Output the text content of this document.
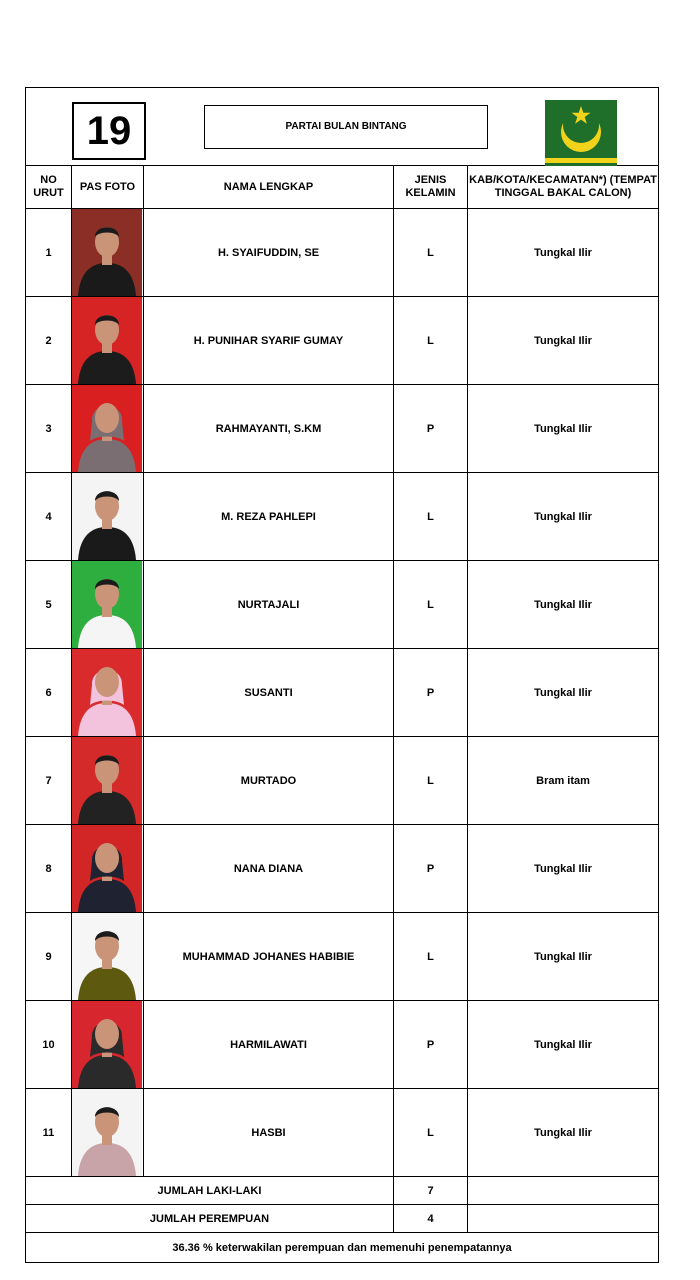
19 PARTAI BULAN BINTANG				

NO URUT	PAS FOTO	NAMA LENGKAP	JENIS KELAMIN	KAB/KOTA/KECAMATAN*) (TEMPAT TINGGAL BAKAL CALON)
1		H. SYAIFUDDIN, SE	L	Tungkal Ilir
2		H. PUNIHAR SYARIF GUMAY	L	Tungkal Ilir
3		RAHMAYANTI, S.KM	P	Tungkal Ilir
4		M. REZA PAHLEPI	L	Tungkal Ilir
5		NURTAJALI	L	Tungkal Ilir
6		SUSANTI	P	Tungkal Ilir
7		MURTADO	L	Bram itam
8		NANA DIANA	P	Tungkal Ilir
9		MUHAMMAD JOHANES HABIBIE	L	Tungkal Ilir
10		HARMILAWATI	P	Tungkal Ilir
11		HASBI	L	Tungkal Ilir
JUMLAH LAKI-LAKI			7	
JUMLAH PEREMPUAN			4	
36.36 % keterwakilan perempuan dan memenuhi penempatannya				
